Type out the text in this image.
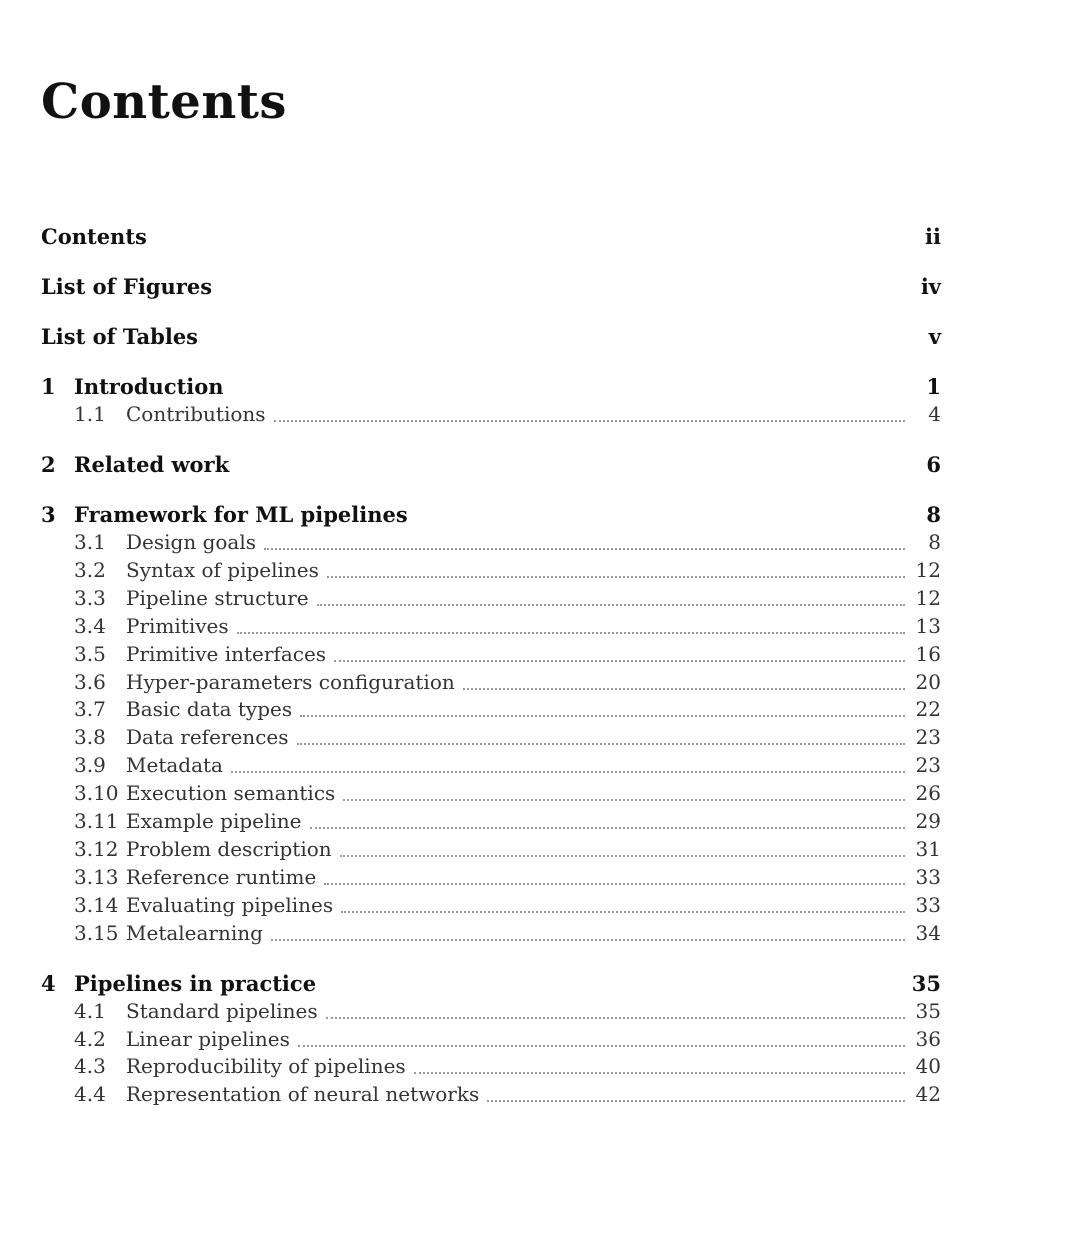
Contents
Contents	ii
List of Figures	iv
List of Tables	v
1 Introduction	1
1.1	Contributions	4
2 Related work	6
3 Framework for ML pipelines	8
3.1	Design goals	8
3.2	Syntax of pipelines	12
3.3	Pipeline structure	12
3.4	Primitives	13
3.5	Primitive interfaces	16
3.6	Hyper-parameters configuration	20
3.7	Basic data types	22
3.8	Data references	23
3.9	Metadata	23
3.10 Execution semantics	26
3.11 Example pipeline	29
3.12 Problem description	31
3.13 Reference runtime	33
3.14 Evaluating pipelines	33
3.15 Metalearning	34
4 Pipelines in practice	35
4.1	Standard pipelines	35
4.2	Linear pipelines	36
4.3	Reproducibility of pipelines	40
4.4	Representation of neural networks	42
